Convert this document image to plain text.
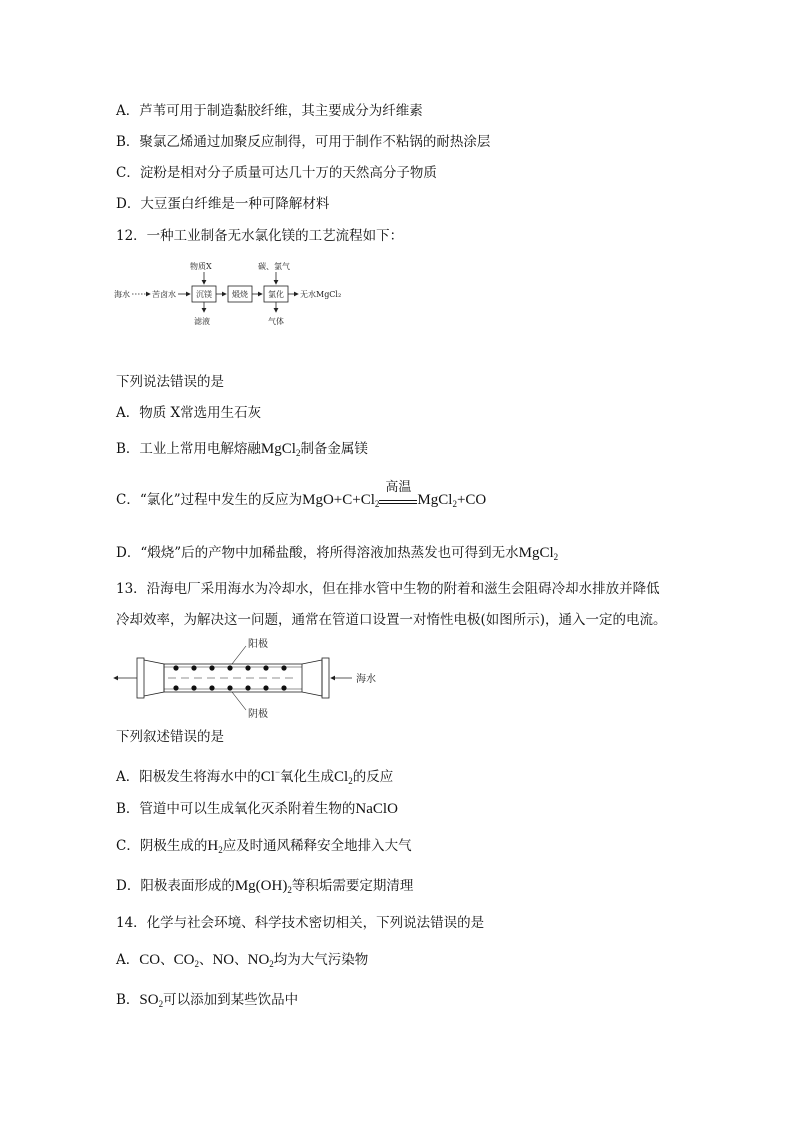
A．芦苇可用于制造黏胶纤维，其主要成分为纤维素
B．聚氯乙烯通过加聚反应制得，可用于制作不粘锅的耐热涂层
C．淀粉是相对分子质量可达几十万的天然高分子物质
D．大豆蛋白纤维是一种可降解材料
12．一种工业制备无水氯化镁的工艺流程如下：
海水	苦卤水	沉镁
物质X
滤液
煅烧	氯化
碳、氯气
气体
无水MgCl₂
下列说法错误的是
A．物质 X常选用生石灰
B．工业上常用电解熔融MgCl$_2$制备金属镁
C．“氯化”过程中发生的反应为$MgO+C+Cl_2$
高温
MgCl$_2$+CO
D．“煅烧”后的产物中加稀盐酸，将所得溶液加热蒸发也可得到无水MgCl$_2$
13．沿海电厂采用海水为冷却水，但在排水管中生物的附着和滋生会阻碍冷却水排放并降低
冷却效率，为解决这一问题，通常在管道口设置一对惰性电极(如图所示)，通入一定的电流。
海水
阳极
阴极
下列叙述错误的是
A．阳极发生将海水中的Cl−氧化生成$Cl_2$的反应
B．管道中可以生成氧化灭杀附着生物的NaClO
C．阴极生成的$H_2$应及时通风稀释安全地排入大气
D．阳极表面形成的$Mg(OH)_2$等积垢需要定期清理
14．化学与社会环境、科学技术密切相关，下列说法错误的是
A．CO、$CO_2$、NO、$NO_2$均为大气污染物
B．$SO_2$可以添加到某些饮品中
